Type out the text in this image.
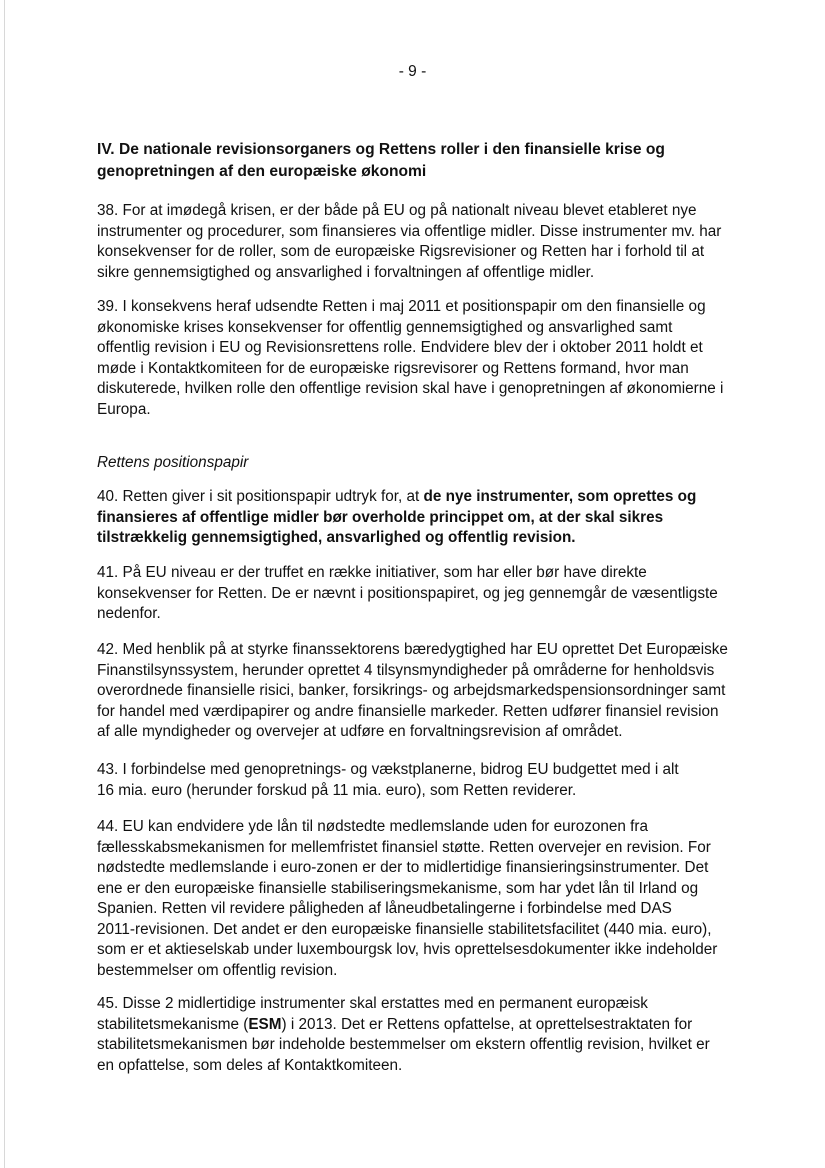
- 9 -
IV. De nationale revisionsorganers og Rettens roller i den finansielle krise og
genopretningen af den europæiske økonomi
38. For at imødegå krisen, er der både på EU og på nationalt niveau blevet etableret nye
instrumenter og procedurer, som finansieres via offentlige midler. Disse instrumenter mv. har
konsekvenser for de roller, som de europæiske Rigsrevisioner og Retten har i forhold til at
sikre gennemsigtighed og ansvarlighed i forvaltningen af offentlige midler.
39. I konsekvens heraf udsendte Retten i maj 2011 et positionspapir om den finansielle og
økonomiske krises konsekvenser for offentlig gennemsigtighed og ansvarlighed samt
offentlig revision i EU og Revisionsrettens rolle. Endvidere blev der i oktober 2011 holdt et
møde i Kontaktkomiteen for de europæiske rigsrevisorer og Rettens formand, hvor man
diskuterede, hvilken rolle den offentlige revision skal have i genopretningen af økonomierne i
Europa.
Rettens positionspapir
40. Retten giver i sit positionspapir udtryk for, at de nye instrumenter, som oprettes og
finansieres af offentlige midler bør overholde princippet om, at der skal sikres
tilstrækkelig gennemsigtighed, ansvarlighed og offentlig revision.
41. På EU niveau er der truffet en række initiativer, som har eller bør have direkte
konsekvenser for Retten. De er nævnt i positionspapiret, og jeg gennemgår de væsentligste
nedenfor.
42. Med henblik på at styrke finanssektorens bæredygtighed har EU oprettet Det Europæiske
Finanstilsynssystem, herunder oprettet 4 tilsynsmyndigheder på områderne for henholdsvis
overordnede finansielle risici, banker, forsikrings- og arbejdsmarkedspensionsordninger samt
for handel med værdipapirer og andre finansielle markeder. Retten udfører finansiel revision
af alle myndigheder og overvejer at udføre en forvaltningsrevision af området.
43. I forbindelse med genopretnings- og vækstplanerne, bidrog EU budgettet med i alt
16 mia. euro (herunder forskud på 11 mia. euro), som Retten reviderer.
44. EU kan endvidere yde lån til nødstedte medlemslande uden for eurozonen fra
fællesskabsmekanismen for mellemfristet finansiel støtte. Retten overvejer en revision. For
nødstedte medlemslande i euro-zonen er der to midlertidige finansieringsinstrumenter. Det
ene er den europæiske finansielle stabiliseringsmekanisme, som har ydet lån til Irland og
Spanien. Retten vil revidere påligheden af låneudbetalingerne i forbindelse med DAS
2011-revisionen. Det andet er den europæiske finansielle stabilitetsfacilitet (440 mia. euro),
som er et aktieselskab under luxembourgsk lov, hvis oprettelsesdokumenter ikke indeholder
bestemmelser om offentlig revision.
45. Disse 2 midlertidige instrumenter skal erstattes med en permanent europæisk
stabilitetsmekanisme (ESM) i 2013. Det er Rettens opfattelse, at oprettelsestraktaten for
stabilitetsmekanismen bør indeholde bestemmelser om ekstern offentlig revision, hvilket er
en opfattelse, som deles af Kontaktkomiteen.
